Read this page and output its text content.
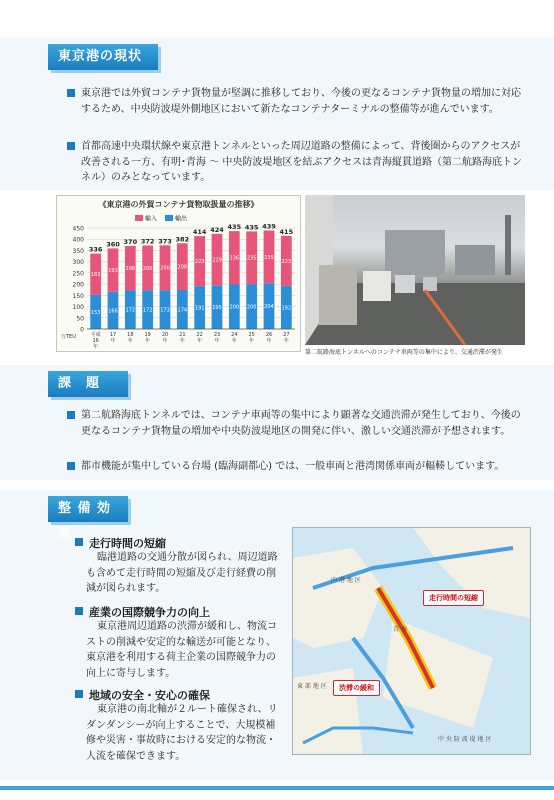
東京港の現状
東京港では外貿コンテナ貨物量が堅調に推移しており、今後の更なるコンテナ貨物量の増加に対応するため、中央防波堤外側地区において新たなコンテナターミナルの整備等が進んでいます。
首都高速中央環状線や東京港トンネルといった周辺道路の整備によって、背後圏からのアクセスが改善される一方、有明･青海 ～ 中央防波堤地区を結ぶアクセスは青海縦貫道路（第二航路海底トンネル）のみとなっています。
《東京港の外貿コンテナ貨物取扱量の推移》
0
50
100
150
200
250
300
350
400
450
万TEU
輸入	輸出
153
183
336
平成
16
年
166
193
360
17
年
172
198
370
18
年
172
200
372
19
年
173
200
373
20
年
174
208
382
21
年
191
223
414
22
年
195
229
424
23
年
200
236
435
24
年
200
235
435
25
年
204
235
439
26
年
192
223
415
27
年
第二航路海底トンネルへのコンテナ車両等の集中により、交通渋滞が発生
課　題
第二航路海底トンネルでは、コンテナ車両等の集中により顕著な交通渋滞が発生しており、今後の更なるコンテナ貨物量の増加や中央防波堤地区の開発に伴い、激しい交通渋滞が予想されます。
都市機能が集中している台場 (臨海副都心) では、一般車両と港湾関係車両が輻輳しています。
整 備 効 果
走行時間の短縮
臨港道路の交通分散が図られ、周辺道路も含めて走行時間の短縮及び走行経費の削減が図られます。
産業の国際競争力の向上
東京港周辺道路の渋滞が緩和し、物流コストの削減や安定的な輸送が可能となり、東京港を利用する荷主企業の国際競争力の向上に寄与します。
地域の安全・安心の確保
東京港の南北軸が２ルート確保され、リダンダンシーが向上することで、大規模補修や災害・事故時における安定的な物流・人流を確保できます。
内 港 地 区
青 海
東 部 地 区
中 央 防 波 堤 地 区
走行時間の短縮
渋滞の緩和
